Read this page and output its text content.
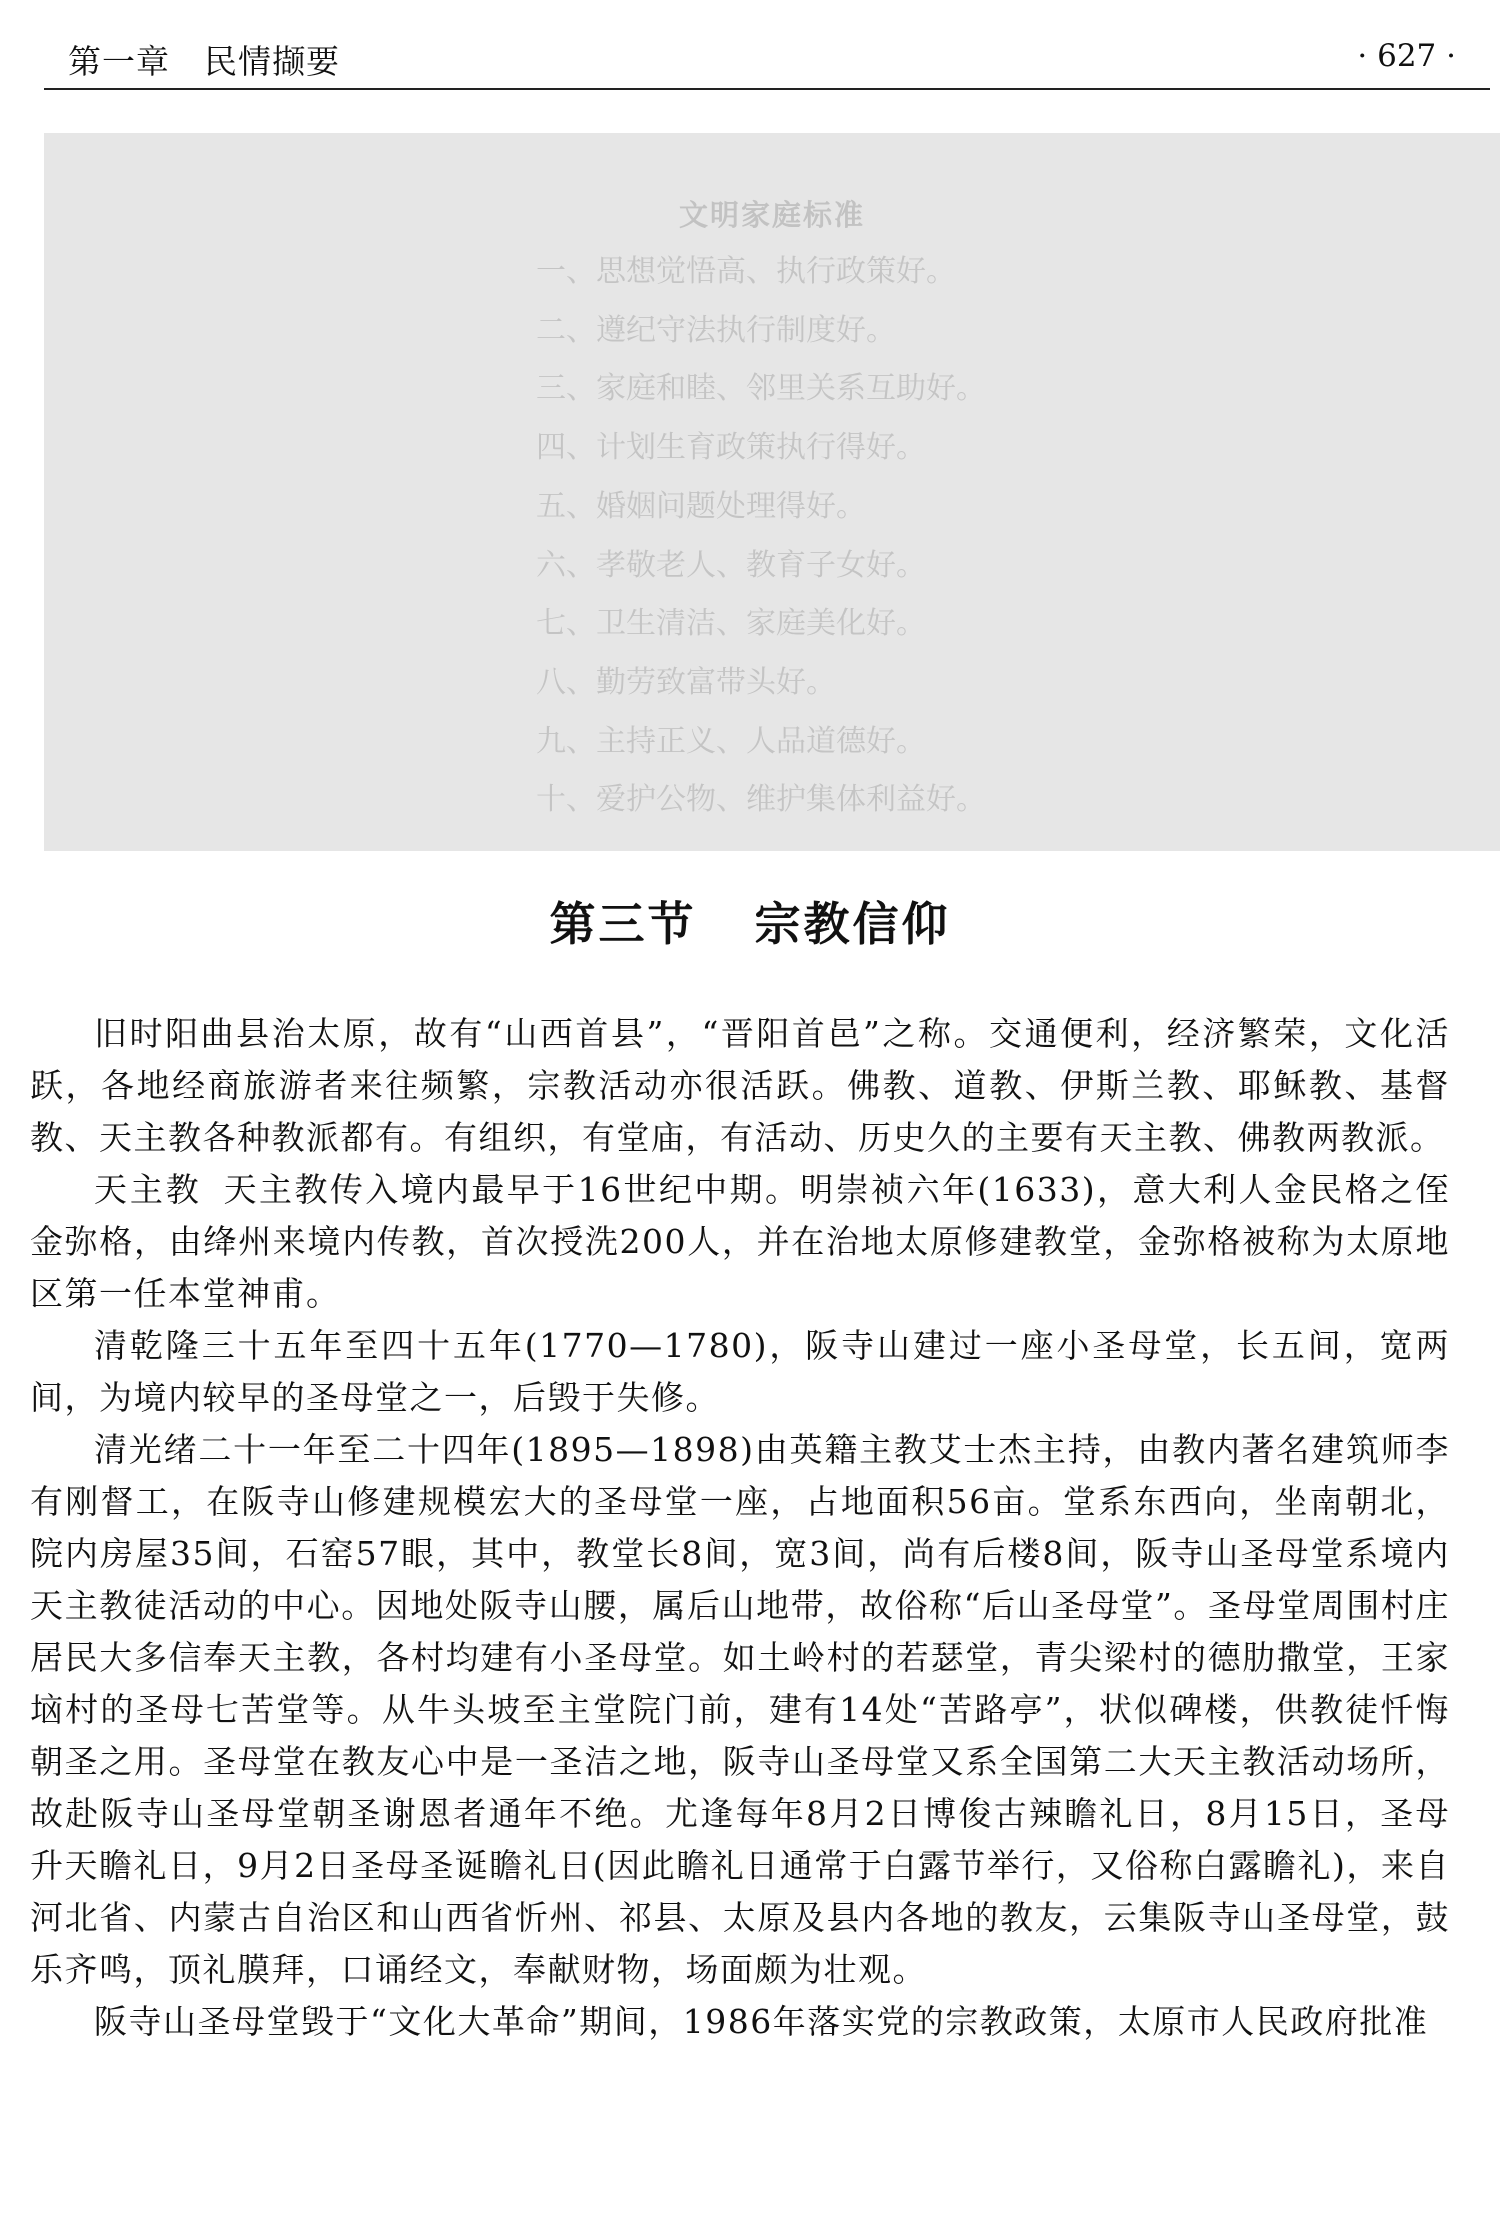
第一章　民情撷要	· 627 ·
文明家庭标准
一、思想觉悟高、执行政策好。
二、遵纪守法执行制度好。
三、家庭和睦、邻里关系互助好。
四、计划生育政策执行得好。
五、婚姻问题处理得好。
六、孝敬老人、教育子女好。
七、卫生清洁、家庭美化好。
八、勤劳致富带头好。
九、主持正义、人品道德好。
十、爱护公物、维护集体利益好。
第三节 宗教信仰

旧时阳曲县治太原，故有“山西首县”，“晋阳首邑”之称。交通便利，经济繁荣，文化活跃，各地经商旅游者来往频繁，宗教活动亦很活跃。佛教、道教、伊斯兰教、耶稣教、基督教、天主教各种教派都有。有组织，有堂庙，有活动、历史久的主要有天主教、佛教两教派。

天主教 天主教传入境内最早于16世纪中期。明崇祯六年(1633)，意大利人金民格之侄金弥格，由绛州来境内传教，首次授洗200人，并在治地太原修建教堂，金弥格被称为太原地区第一任本堂神甫。

清乾隆三十五年至四十五年(1770—1780)，阪寺山建过一座小圣母堂，长五间，宽两间，为境内较早的圣母堂之一，后毁于失修。

清光绪二十一年至二十四年(1895—1898)由英籍主教艾士杰主持，由教内著名建筑师李有刚督工，在阪寺山修建规模宏大的圣母堂一座，占地面积56亩。堂系东西向，坐南朝北，院内房屋35间，石窑57眼，其中，教堂长8间，宽3间，尚有后楼8间，阪寺山圣母堂系境内天主教徒活动的中心。因地处阪寺山腰，属后山地带，故俗称“后山圣母堂”。圣母堂周围村庄居民大多信奉天主教，各村均建有小圣母堂。如土岭村的若瑟堂，青尖梁村的德肋撒堂，王家垴村的圣母七苦堂等。从牛头坡至主堂院门前，建有14处“苦路亭”，状似碑楼，供教徒忏悔朝圣之用。圣母堂在教友心中是一圣洁之地，阪寺山圣母堂又系全国第二大天主教活动场所，故赴阪寺山圣母堂朝圣谢恩者通年不绝。尤逢每年8月2日博俊古辣瞻礼日，8月15日，圣母升天瞻礼日，9月2日圣母圣诞瞻礼日(因此瞻礼日通常于白露节举行，又俗称白露瞻礼)，来自河北省、内蒙古自治区和山西省忻州、祁县、太原及县内各地的教友，云集阪寺山圣母堂，鼓乐齐鸣，顶礼膜拜，口诵经文，奉献财物，场面颇为壮观。

阪寺山圣母堂毁于“文化大革命”期间，1986年落实党的宗教政策，太原市人民政府批准
